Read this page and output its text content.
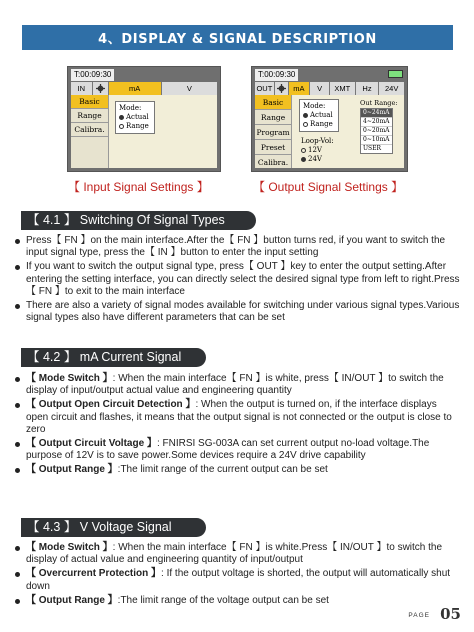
4、DISPLAY & SIGNAL DESCRIPTION
T:00:09:30
IN	mA	V
Basic
Range
Calibra.
Mode:
Actual
Range
T:00:09:30
OUT	mA	V	XMT	Hz	24V
Basic
Range
Program
Preset
Calibra.
Mode:
Actual
Range
Out Range:
0~24mA
4~20mA
0~20mA
0~10mA
USER
Loop-Vol:
12V
24V
【 Input Signal Settings 】	【 Output Signal Settings 】
【 4.1 】 Switching Of Signal Types
Press【 FN 】on the main interface.After the【 FN 】button turns red, if you want to switch the input signal type, press the【 IN 】button to enter the input setting
If you want to switch the output signal type, press【 OUT 】key to enter the output setting.After entering the setting interface, you can directly select the desired signal type from left to right.Press【 FN 】to exit to the main interface
There are also a variety of signal modes available for switching under various signal types.Various signal types also have different parameters that can be set
【 4.2 】 mA Current Signal
【 Mode Switch 】: When the main interface【 FN 】is white, press【 IN/OUT 】to switch the display of input/output actual value and engineering quantity
【 Output Open Circuit Detection 】: When the output is turned on, if the interface displays open circuit and flashes, it means that the output signal is not connected or the output is close to zero
【 Output Circuit Voltage 】: FNIRSI SG-003A can set current output no-load voltage.The purpose of 12V is to save power.Some devices require a 24V drive capability
【 Output Range 】:The limit range of the current output can be set
【 4.3 】 V Voltage Signal
【 Mode Switch 】: When the main interface【 FN 】is white.Press【 IN/OUT 】to switch the display of actual value and engineering quantity of input/output
【 Overcurrent Protection 】: If the output voltage is shorted, the output will automatically shut down
【 Output Range 】:The limit range of the voltage output can be set
PAGE 05
